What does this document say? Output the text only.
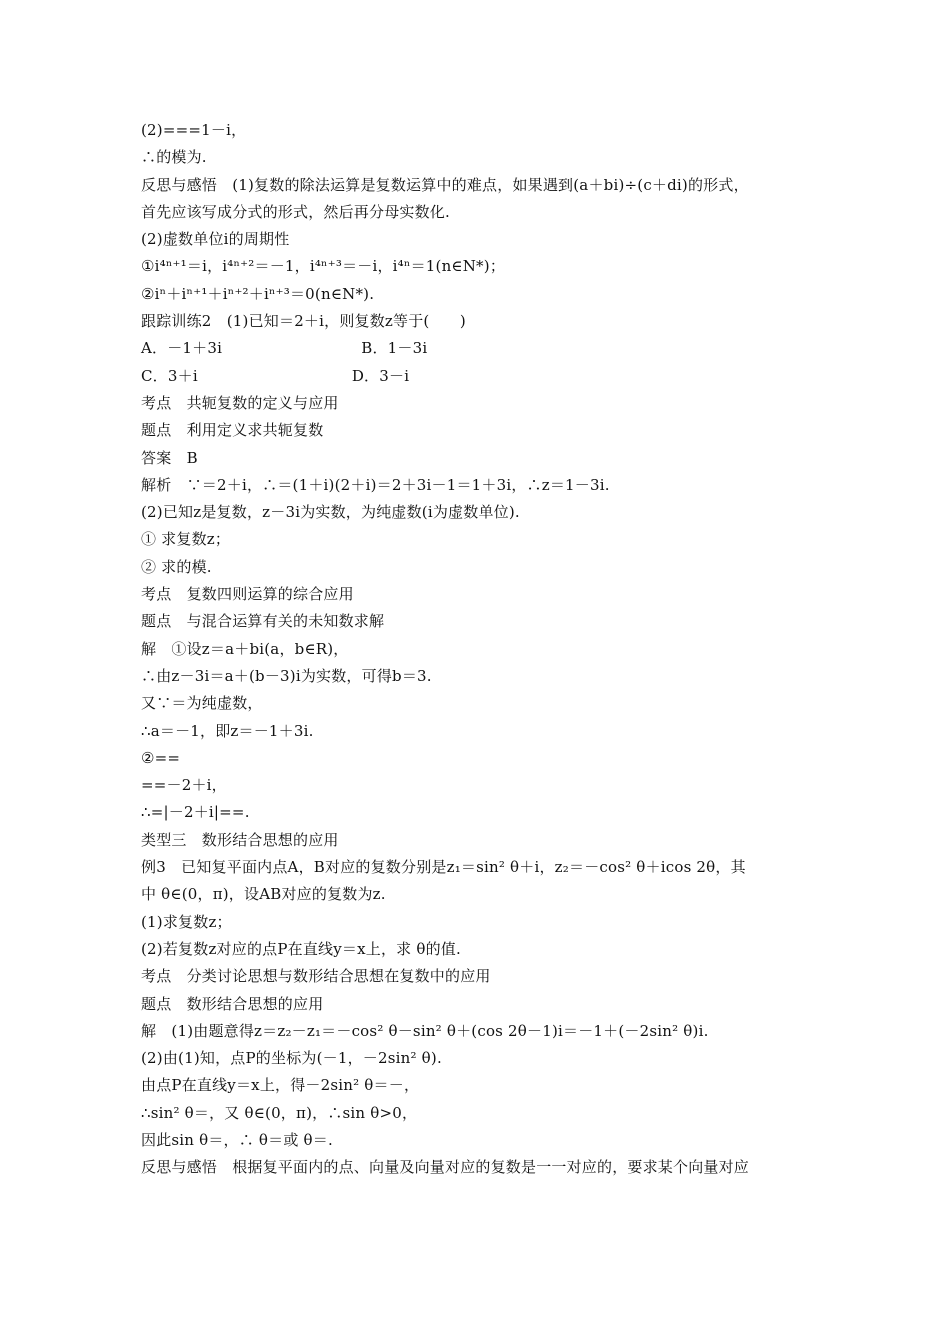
(2)===1－i，
∴的模为.
反思与感悟　(1)复数的除法运算是复数运算中的难点，如果遇到(a＋bi)÷(c＋di)的形式，
首先应该写成分式的形式，然后再分母实数化.
(2)虚数单位i的周期性
①i⁴ⁿ⁺¹＝i，i⁴ⁿ⁺²＝－1，i⁴ⁿ⁺³＝－i，i⁴ⁿ＝1(n∈N*)；
②iⁿ＋iⁿ⁺¹＋iⁿ⁺²＋iⁿ⁺³＝0(n∈N*).
跟踪训练2　(1)已知＝2＋i，则复数z等于(　　)
A．－1＋3i                            B．1－3i
C．3＋i                               D．3－i
考点　共轭复数的定义与应用
题点　利用定义求共轭复数
答案　B
解析　∵＝2＋i，∴＝(1＋i)(2＋i)＝2＋3i－1＝1＋3i，∴z＝1－3i.
(2)已知z是复数，z－3i为实数，为纯虚数(i为虚数单位).
① 求复数z；
② 求的模.
考点　复数四则运算的综合应用
题点　与混合运算有关的未知数求解
解　①设z＝a＋bi(a，b∈R)，
∴由z－3i＝a＋(b－3)i为实数，可得b＝3.
又∵＝为纯虚数，
∴a＝－1，即z＝－1＋3i.
②==
==－2＋i，
∴=|－2＋i|==.
类型三　数形结合思想的应用
例3　已知复平面内点A，B对应的复数分别是z₁＝sin² θ＋i，z₂＝－cos² θ＋icos 2θ，其
中 θ∈(0，π)，设AB对应的复数为z.
(1)求复数z；
(2)若复数z对应的点P在直线y＝x上，求 θ的值.
考点　分类讨论思想与数形结合思想在复数中的应用
题点　数形结合思想的应用
解　(1)由题意得z＝z₂－z₁＝－cos² θ－sin² θ＋(cos 2θ－1)i＝－1＋(－2sin² θ)i.
(2)由(1)知，点P的坐标为(－1，－2sin² θ).
由点P在直线y＝x上，得－2sin² θ＝－，
∴sin² θ＝，又 θ∈(0，π)，∴sin θ>0，
因此sin θ＝，∴ θ＝或 θ＝.
反思与感悟　根据复平面内的点、向量及向量对应的复数是一一对应的，要求某个向量对应
